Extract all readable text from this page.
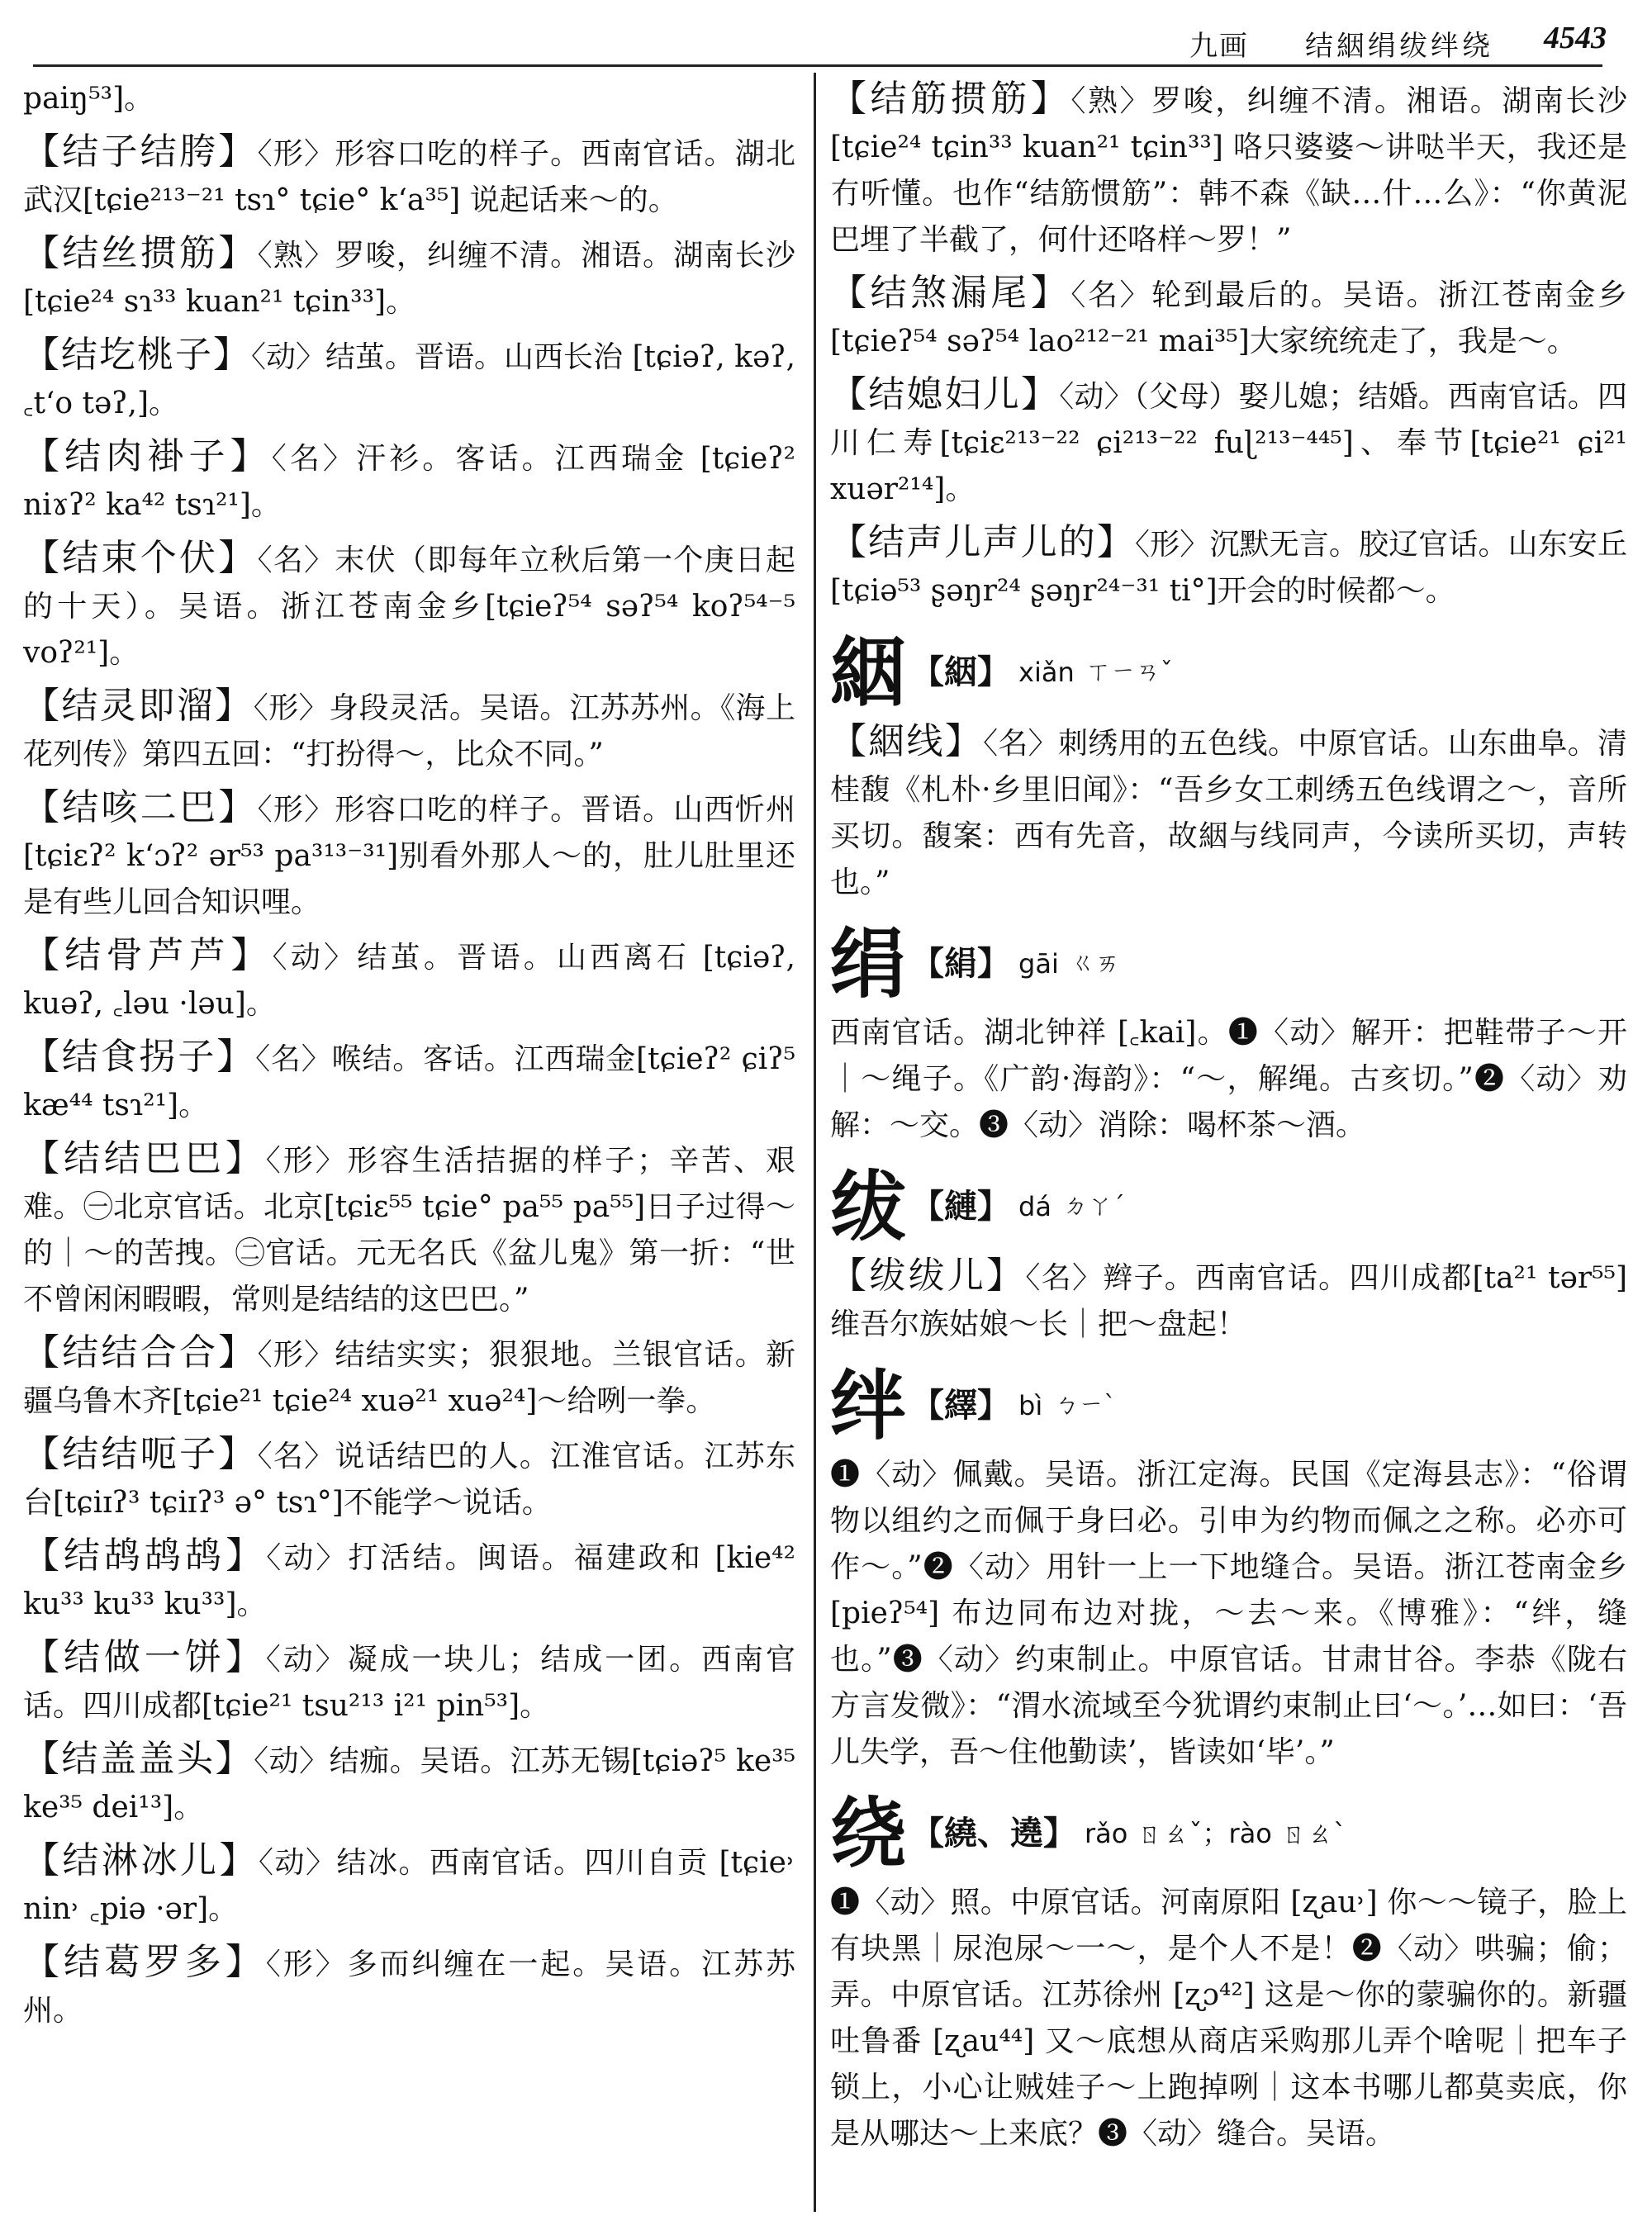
九画 结絪绢绂绊绕 4543
paiŋ⁵³]。
【结子结胯】〈形〉形容口吃的样子。西南官话。湖北武汉[tɕie²¹³⁻²¹ tsɿ° tɕie° k‘a³⁵] 说起话来～的。
【结丝掼筋】〈熟〉罗唆，纠缠不清。湘语。湖南长沙[tɕie²⁴ sɿ³³ kuan²¹ tɕin³³]。
【结圪桃子】〈动〉结茧。晋语。山西长治 [tɕiəʔ, kəʔ, ꜀t‘o təʔ,]。
【结肉褂子】〈名〉汗衫。客话。江西瑞金 [tɕieʔ² niɤʔ² ka⁴² tsɿ²¹]。
【结束个伏】〈名〉末伏（即每年立秋后第一个庚日起的十天）。吴语。浙江苍南金乡[tɕieʔ⁵⁴ səʔ⁵⁴ koʔ⁵⁴⁻⁵ voʔ²¹]。
【结灵即溜】〈形〉身段灵活。吴语。江苏苏州。《海上花列传》第四五回：“打扮得～，比众不同。”
【结咳二巴】〈形〉形容口吃的样子。晋语。山西忻州[tɕiɛʔ² k‘ɔʔ² ər⁵³ pa³¹³⁻³¹]别看外那人～的，肚儿肚里还是有些儿回合知识哩。
【结骨芦芦】〈动〉结茧。晋语。山西离石 [tɕiəʔ, kuəʔ, ꜀ləu ·ləu]。
【结食拐子】〈名〉喉结。客话。江西瑞金[tɕieʔ² ɕiʔ⁵ kæ⁴⁴ tsɿ²¹]。
【结结巴巴】〈形〉形容生活拮据的样子；辛苦、艰难。㊀北京官话。北京[tɕiɛ⁵⁵ tɕie° pa⁵⁵ pa⁵⁵]日子过得～的｜～的苦拽。㊁官话。元无名氏《盆儿鬼》第一折：“世不曾闲闲暇暇，常则是结结的这巴巴。”
【结结合合】〈形〉结结实实；狠狠地。兰银官话。新疆乌鲁木齐[tɕie²¹ tɕie²⁴ xuə²¹ xuə²⁴]～给咧一拳。
【结结呃子】〈名〉说话结巴的人。江淮官话。江苏东台[tɕiɪʔ³ tɕiɪʔ³ ə° tsɿ°]不能学～说话。
【结鸪鸪鸪】〈动〉打活结。闽语。福建政和 [kie⁴² ku³³ ku³³ ku³³]。
【结做一饼】〈动〉凝成一块儿；结成一团。西南官话。四川成都[tɕie²¹ tsu²¹³ i²¹ pin⁵³]。
【结盖盖头】〈动〉结痂。吴语。江苏无锡[tɕiəʔ⁵ ke³⁵ ke³⁵ dei¹³]。
【结淋冰儿】〈动〉结冰。西南官话。四川自贡 [tɕie˒ nin˒ ꜀piə ·ər]。
【结葛罗多】〈形〉多而纠缠在一起。吴语。江苏苏州。
【结筋掼筋】〈熟〉罗唆，纠缠不清。湘语。湖南长沙[tɕie²⁴ tɕin³³ kuan²¹ tɕin³³] 咯只婆婆～讲哒半天，我还是冇听懂。也作“结筋惯筋”：韩不森《缺…什…么》：“你黄泥巴埋了半截了，何什还咯样～罗！”
【结煞漏尾】〈名〉轮到最后的。吴语。浙江苍南金乡[tɕieʔ⁵⁴ səʔ⁵⁴ lao²¹²⁻²¹ mai³⁵]大家统统走了，我是～。
【结媳妇儿】〈动〉（父母）娶儿媳；结婚。西南官话。四川仁寿[tɕiɛ²¹³⁻²² ɕi²¹³⁻²² fuɭ²¹³⁻⁴⁴⁵]、奉节[tɕie²¹ ɕi²¹ xuər²¹⁴]。
【结声儿声儿的】〈形〉沉默无言。胶辽官话。山东安丘[tɕiə⁵³ ʂəŋr²⁴ ʂəŋr²⁴⁻³¹ ti°]开会的时候都～。
絪 【絪】 xiǎn ㄒㄧㄢˇ
【絪线】〈名〉刺绣用的五色线。中原官话。山东曲阜。清桂馥《札朴·乡里旧闻》：“吾乡女工刺绣五色线谓之～，音所买切。馥案：西有先音，故絪与线同声，今读所买切，声转也。”
绢 【絹】 gāi ㄍㄞ
西南官话。湖北钟祥 [꜀kai]。❶〈动〉解开：把鞋带子～开｜～绳子。《广韵·海韵》：“～，解绳。古亥切。”❷〈动〉劝解：～交。❸〈动〉消除：喝杯茶～酒。
绂 【縺】 dá ㄉㄚˊ
【绂绂儿】〈名〉辫子。西南官话。四川成都[ta²¹ tər⁵⁵] 维吾尔族姑娘～长｜把～盘起！
绊 【繹】 bì ㄅㄧˋ
❶〈动〉佩戴。吴语。浙江定海。民国《定海县志》：“俗谓物以组约之而佩于身曰必。引申为约物而佩之之称。必亦可作～。”❷〈动〉用针一上一下地缝合。吴语。浙江苍南金乡[pieʔ⁵⁴] 布边同布边对拢，～去～来。《博雅》：“绊，缝也。”❸〈动〉约束制止。中原官话。甘肃甘谷。李恭《陇右方言发微》：“渭水流域至今犹谓约束制止曰‘～。’…如曰：‘吾儿失学，吾～住他勤读’，皆读如‘毕’。”
绕 【繞、遶】 rǎo ㄖㄠˇ；rào ㄖㄠˋ
❶〈动〉照。中原官话。河南原阳 [ʐau˒] 你～～镜子，脸上有块黑｜尿泡尿～一～，是个人不是！❷〈动〉哄骗；偷；弄。中原官话。江苏徐州 [ʐɔ⁴²] 这是～你的蒙骗你的。新疆吐鲁番 [ʐau⁴⁴] 又～底想从商店采购那儿弄个啥呢｜把车子锁上，小心让贼娃子～上跑掉咧｜这本书哪儿都莫卖底，你是从哪达～上来底？❸〈动〉缝合。吴语。
